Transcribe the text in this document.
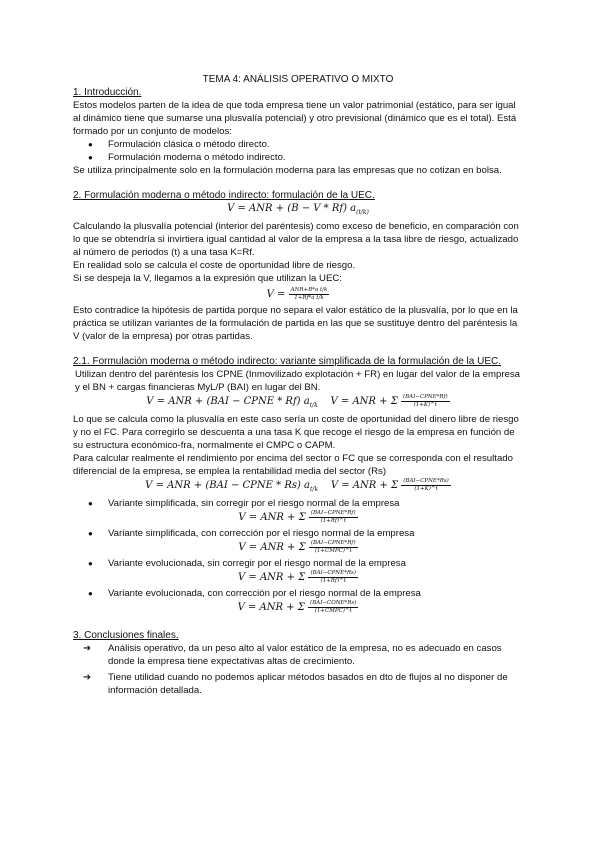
TEMA 4: ANÁLISIS OPERATIVO O MIXTO
1. Introducción.

Estos modelos parten de la idea de que toda empresa tiene un valor patrimonial (estático, para ser igual al dinámico tiene que sumarse una plusvalía potencial) y otro previsional (dinámico que es el total). Está formado por un conjunto de modelos:

● Formulación clásica o método directo.
● Formulación moderna o método indirecto.

Se utiliza principalmente solo en la formulación moderna para las empresas que no cotizan en bolsa.

2. Formulación moderna o método indirecto: formulación de la UEC.
V = ANR + (B − V * Rf) $a_{(t/k)}$

Calculando la plusvalía potencial (interior del paréntesis) como exceso de beneficio, en comparación con lo que se obtendría si invirtiera igual cantidad al valor de la empresa a la tasa libre de riesgo, actualizado al número de periodos (t) a una tasa K=Rf.

En realidad solo se calcula el coste de oportunidad libre de riesgo.

Si se despeja la V, llegamos a la expresión que utilizan la UEC:

$V = \frac{\text{ANR+B*a t/k}}{\text{1+Rf*a t/k}}$

Esto contradice la hipótesis de partida porque no separa el valor estático de la plusvalía, por lo que en la práctica se utilizan variantes de la formulación de partida en las que se sustituye dentro del paréntesis la V (valor de la empresa) por otras partidas.

2.1. Formulación moderna o método indirecto: variante simplificada de la formulación de la UEC.

Utilizan dentro del paréntesis los CPNE (Inmovilizado explotación + FR) en lugar del valor de la empresa y el BN + cargas financieras MyL/P (BAI) en lugar del BN.

V = ANR + (BAI − CPNE * Rf) $a_{t/k}$ V = ANR + Σ $\frac{\text{(BAI−CPNE*Rf)}}{(1+K)\^{}t}$

Lo que se calcula como la plusvalía en este caso sería un coste de oportunidad del dinero libre de riesgo y no el FC. Para corregirlo se descuenta a una tasa K que recoge el riesgo de la empresa en función de su estructura económico-fra, normalmente el CMPC o CAPM.

Para calcular realmente el rendimiento por encima del sector o FC que se corresponda con el resultado diferencial de la empresa, se emplea la rentabilidad media del sector (Rs)

V = ANR + (BAI − CPNE * Rs) $a_{t/k}$ V = ANR + Σ $\frac{\text{(BAI−CPNE*Rs)}}{(1+K)\^{}t}$
● Variante simplificada, sin corregir por el riesgo normal de la empresa
V = ANR + Σ $\frac{\text{(BAI−CPNE*Rf)}}{(1+Rf)\^{}t}$
● Variante simplificada, con corrección por el riesgo normal de la empresa
V = ANR + Σ $\frac{\text{(BAI−CPNE*Rf)}}{\text{(1+CMPC)\textasciicircum{}t}}$
● Variante evolucionada, sin corregir por el riesgo normal de la empresa
V = ANR + Σ $\frac{\text{(BAI−CPNE*Rs)}}{(1+Rf)\^{}t}$
● Variante evolucionada, con corrección por el riesgo normal de la empresa
V = ANR + Σ $\frac{\text{(BAI−CONE*Rs)}}{\text{(1+CMPC)\textasciicircum{}t}}$
3. Conclusiones finales.
➔ Análisis operativo, da un peso alto al valor estático de la empresa, no es adecuado en casos donde la empresa tiene expectativas altas de crecimiento.
➔ Tiene utilidad cuando no podemos aplicar métodos basados en dto de flujos al no disponer de información detallada.
